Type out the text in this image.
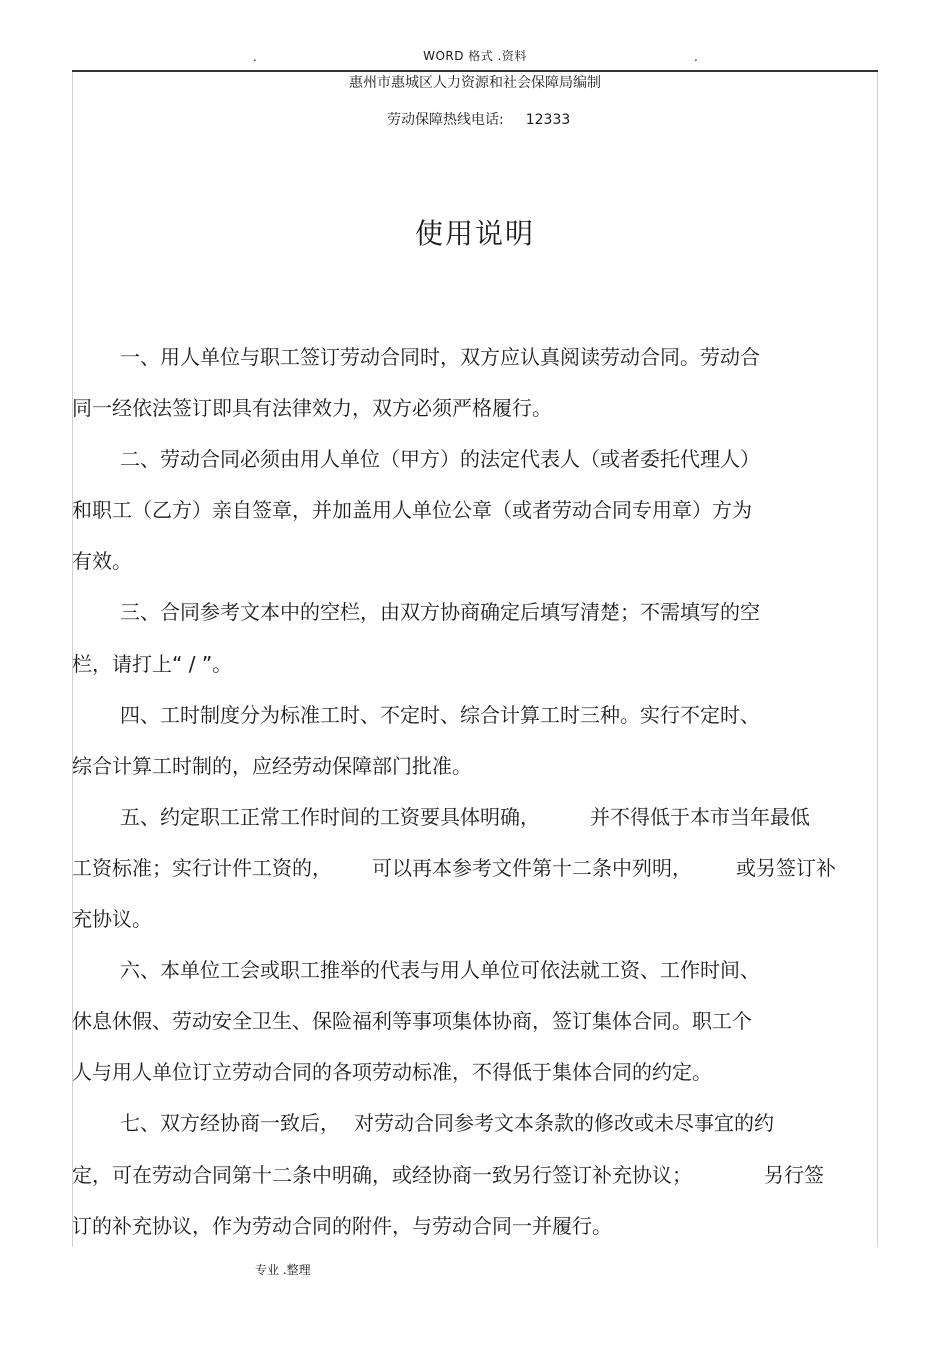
.	WORD 格式 .资料	.
惠州市惠城区人力资源和社会保障局编制
劳动保障热线电话: 12333
使用说明
一、用人单位与职工签订劳动合同时，双方应认真阅读劳动合同。劳动合
同一经依法签订即具有法律效力，双方必须严格履行。
二、劳动合同必须由用人单位（甲方）的法定代表人（或者委托代理人）
和职工（乙方）亲自签章，并加盖用人单位公章（或者劳动合同专用章）方为
有效。
三、合同参考文本中的空栏，由双方协商确定后填写清楚；不需填写的空
栏，请打上“ / ”。
四、工时制度分为标准工时、不定时、综合计算工时三种。实行不定时、
综合计算工时制的，应经劳动保障部门批准。
五、约定职工正常工作时间的工资要具体明确，	并不得低于本市当年最低
工资标准；实行计件工资的， 可以再本参考文件第十二条中列明， 或另签订补
充协议。
六、本单位工会或职工推举的代表与用人单位可依法就工资、工作时间、
休息休假、劳动安全卫生、保险福利等事项集体协商，签订集体合同。职工个
人与用人单位订立劳动合同的各项劳动标准，不得低于集体合同的约定。
七、双方经协商一致后， 对劳动合同参考文本条款的修改或未尽事宜的约
定，可在劳动合同第十二条中明确，或经协商一致另行签订补充协议；	另行签
订的补充协议，作为劳动合同的附件，与劳动合同一并履行。
专业 .整理
